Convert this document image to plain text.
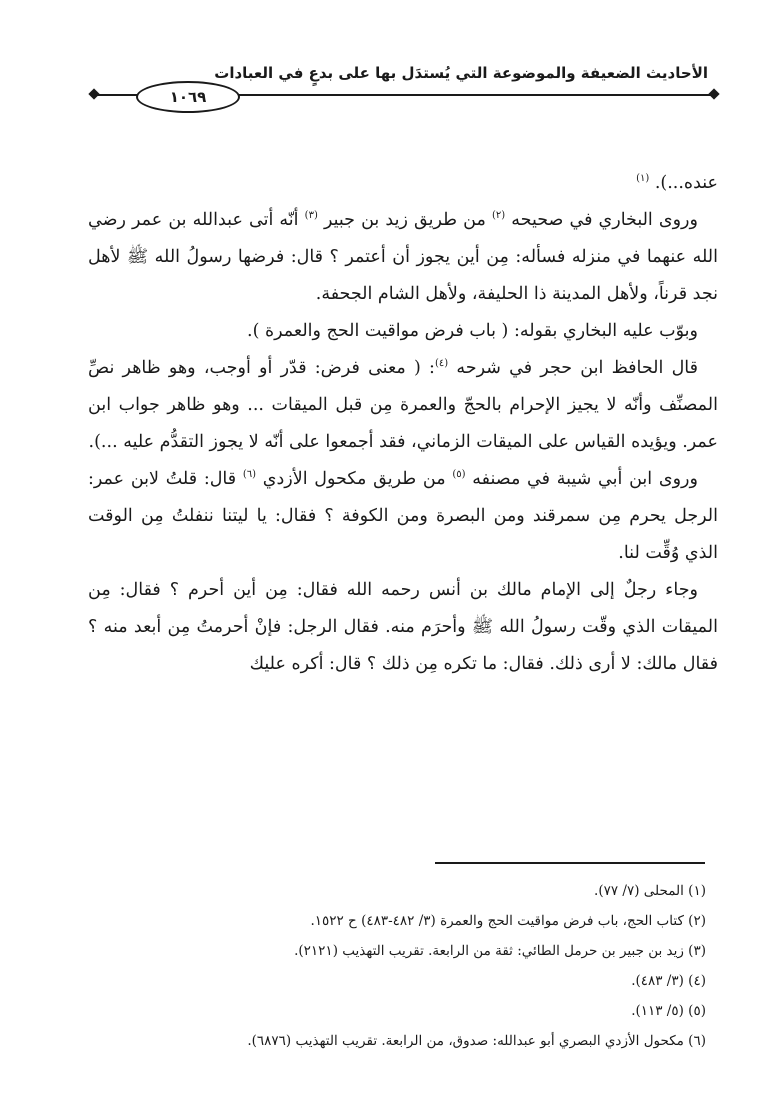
الأحاديث الضعيفة والموضوعة التي يُستدَل بها على بدعٍ في العبادات
١٠٦٩

عنده...). $^{(١)}$

وروى البخاري في صحيحه $^{(٢)}$ من طريق زيد بن جبير $^{(٣)}$ أنّه أتى عبدالله بن عمر رضي الله عنهما في منزله فسأله: مِن أين يجوز أن أعتمر ؟ قال: فرضها رسولُ الله ﷺ لأهل نجد قرناً، ولأهل المدينة ذا الحليفة، ولأهل الشام الجحفة.

وبوّب عليه البخاري بقوله: ( باب فرض مواقيت الحج والعمرة ).

قال الحافظ ابن حجر في شرحه $^{(٤)}$: ( معنى فرض: قدّر أو أوجب، وهو ظاهر نصِّ المصنِّف وأنّه لا يجيز الإحرام بالحجّ والعمرة مِن قبل الميقات ... وهو ظاهر جواب ابن عمر. ويؤيده القياس على الميقات الزماني، فقد أجمعوا على أنّه لا يجوز التقدُّم عليه ...).

وروى ابن أبي شيبة في مصنفه $^{(٥)}$ من طريق مكحول الأزدي $^{(٦)}$ قال: قلتُ لابن عمر: الرجل يحرم مِن سمرقند ومن البصرة ومن الكوفة ؟ فقال: يا ليتنا ننفلتُ مِن الوقت الذي وُقِّت لنا.

وجاء رجلٌ إلى الإمام مالك بن أنس رحمه الله فقال: مِن أين أحرم ؟ فقال: مِن الميقات الذي وقّت رسولُ الله ﷺ وأحرَم منه. فقال الرجل: فإنْ أحرمتُ مِن أبعد منه ؟ فقال مالك: لا أرى ذلك. فقال: ما تكره مِن ذلك ؟ قال: أكره عليك

(١) المحلى (٧/ ٧٧).
(٢) كتاب الحج، باب فرض مواقيت الحج والعمرة (٣/ ٤٨٢-٤٨٣) ح ١٥٢٢.
(٣) زيد بن جبير بن حرمل الطائي: ثقة من الرابعة. تقريب التهذيب (٢١٢١).
(٤) (٣/ ٤٨٣).
(٥) (٥/ ١١٣).
(٦) مكحول الأزدي البصري أبو عبدالله: صدوق، من الرابعة. تقريب التهذيب (٦٨٧٦).
